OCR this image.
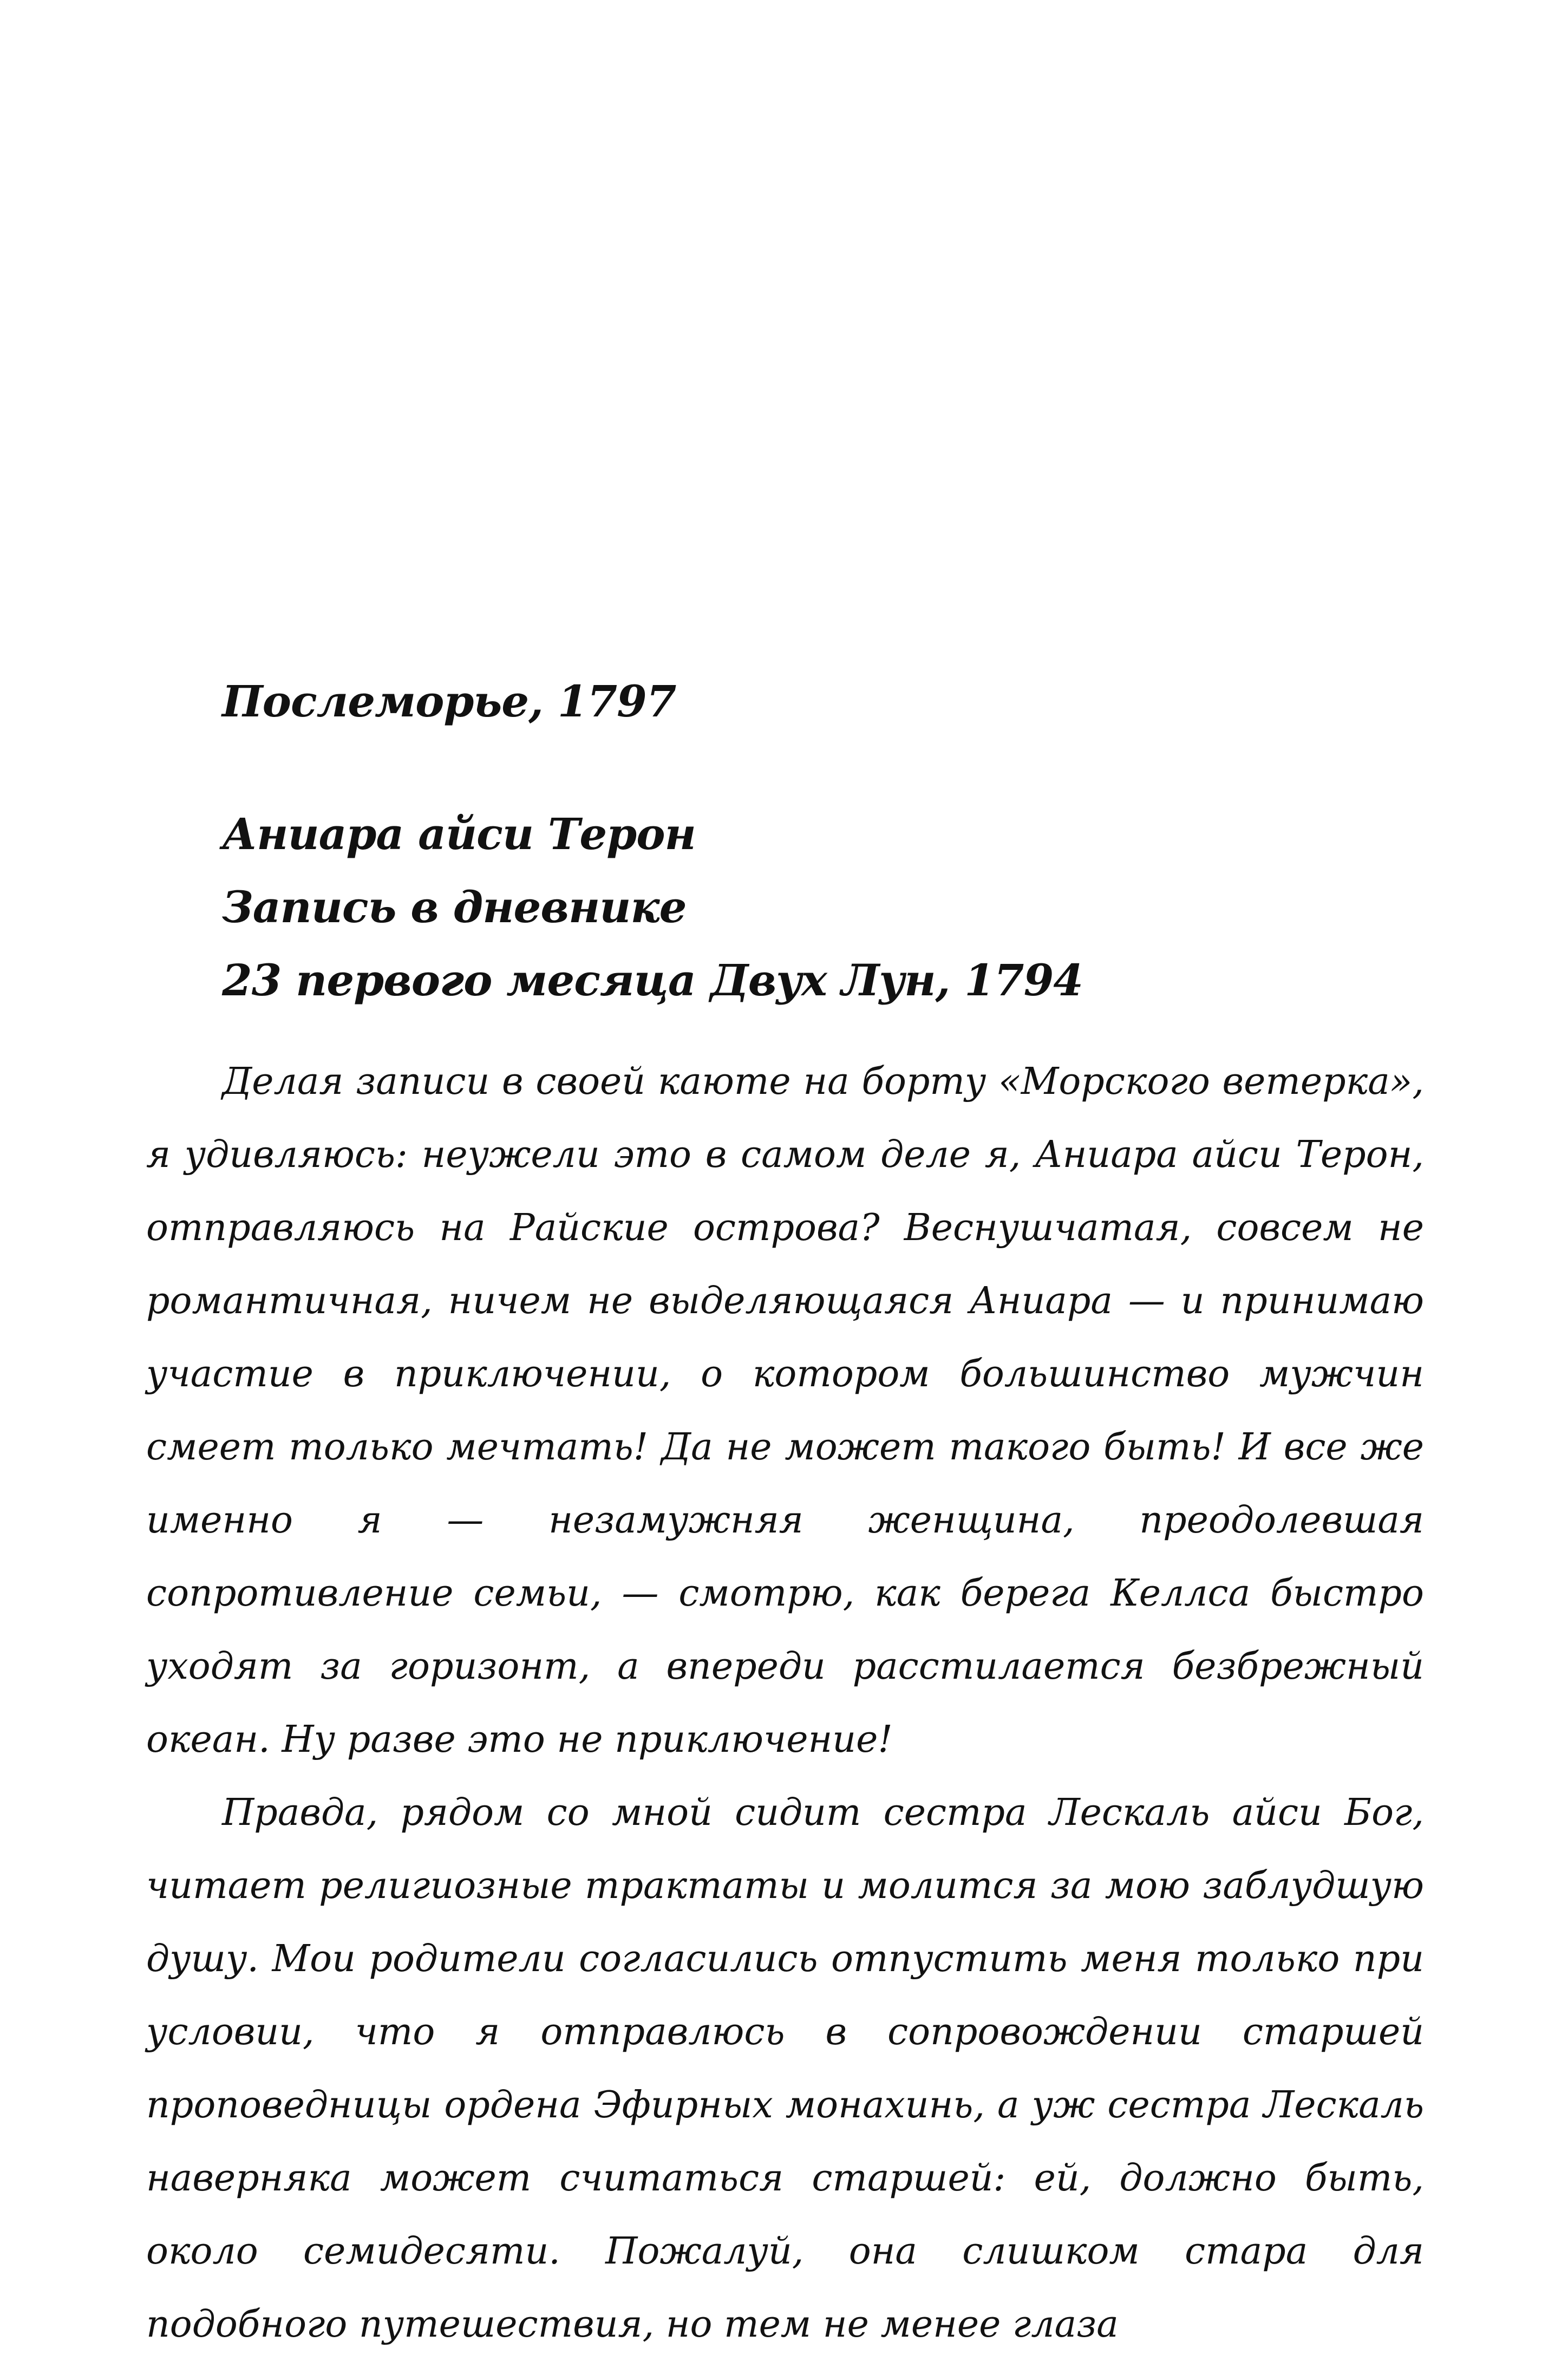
Послеморье, 1797
Аниара айси Терон
Запись в дневнике
23 первого месяца Двух Лун, 1794

Делая записи в своей каюте на борту «Морского ветерка», я удивляюсь: неужели это в самом деле я, Аниара айси Терон, отправляюсь на Райские острова? Веснушчатая, совсем не романтичная, ничем не выделяющаяся Аниара — и принимаю участие в приключении, о котором большинство мужчин смеет только мечтать! Да не может такого быть! И все же именно я — незамужняя женщина, преодолевшая сопротивление семьи, — смотрю, как берега Келлса быстро уходят за горизонт, а впереди расстилается безбрежный океан. Ну разве это не приключение!

Правда, рядом со мной сидит сестра Лескаль айси Бог, читает религиозные трактаты и молится за мою заблудшую душу. Мои родители согласились отпустить меня только при условии, что я отправлюсь в сопровождении старшей проповедницы ордена Эфирных монахинь, а уж сестра Лескаль наверняка может считаться старшей: ей, должно быть, около семидесяти. Пожалуй, она слишком стара для подобного путешествия, но тем не менее глаза
